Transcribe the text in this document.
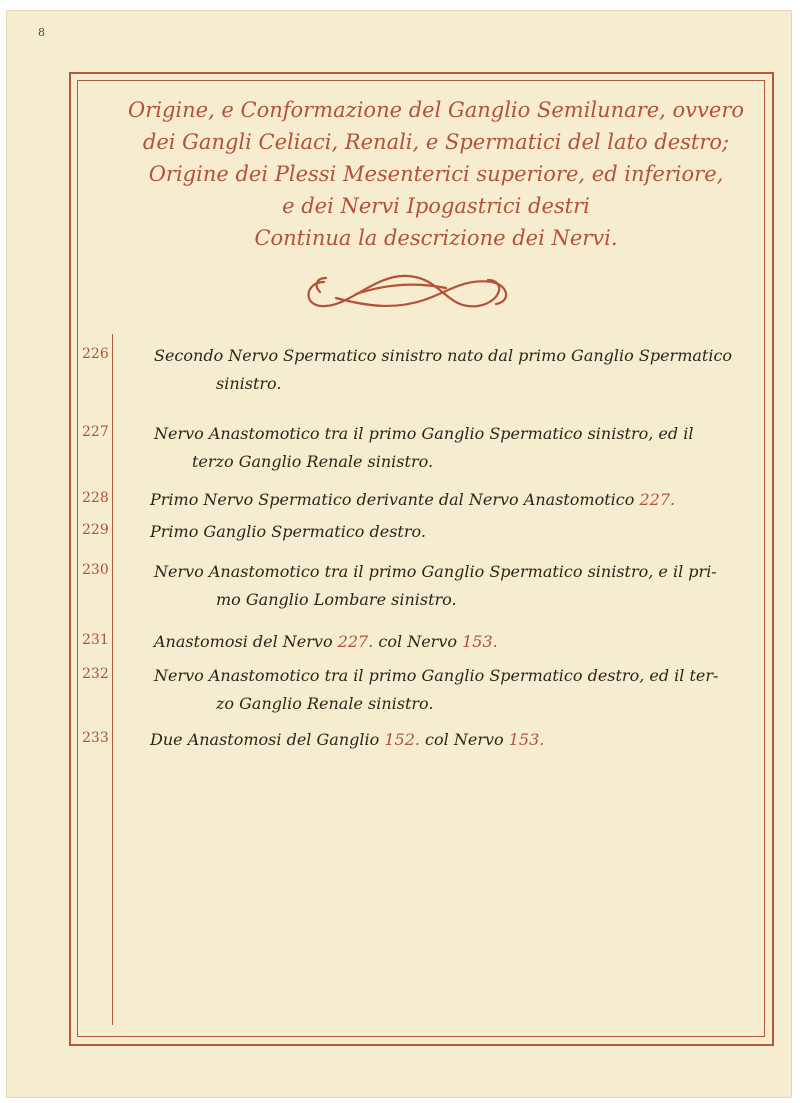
8
Origine, e Conformazione del Ganglio Semilunare, ovvero
dei Gangli Celiaci, Renali, e Spermatici del lato destro;
Origine dei Plessi Mesenterici superiore, ed inferiore,
e dei Nervi Ipogastrici destri
Continua la descrizione dei Nervi.
226	Secondo Nervo Spermatico sinistro nato dal primo Ganglio Spermatico
sinistro.
227	Nervo Anastomotico tra il primo Ganglio Spermatico sinistro, ed il
terzo Ganglio Renale sinistro.
228	Primo Nervo Spermatico derivante dal Nervo Anastomotico 227.
229	Primo Ganglio Spermatico destro.
230	Nervo Anastomotico tra il primo Ganglio Spermatico sinistro, e il pri-
mo Ganglio Lombare sinistro.
231	Anastomosi del Nervo 227. col Nervo 153.
232	Nervo Anastomotico tra il primo Ganglio Spermatico destro, ed il ter-
zo Ganglio Renale sinistro.
233	Due Anastomosi del Ganglio 152. col Nervo 153.
